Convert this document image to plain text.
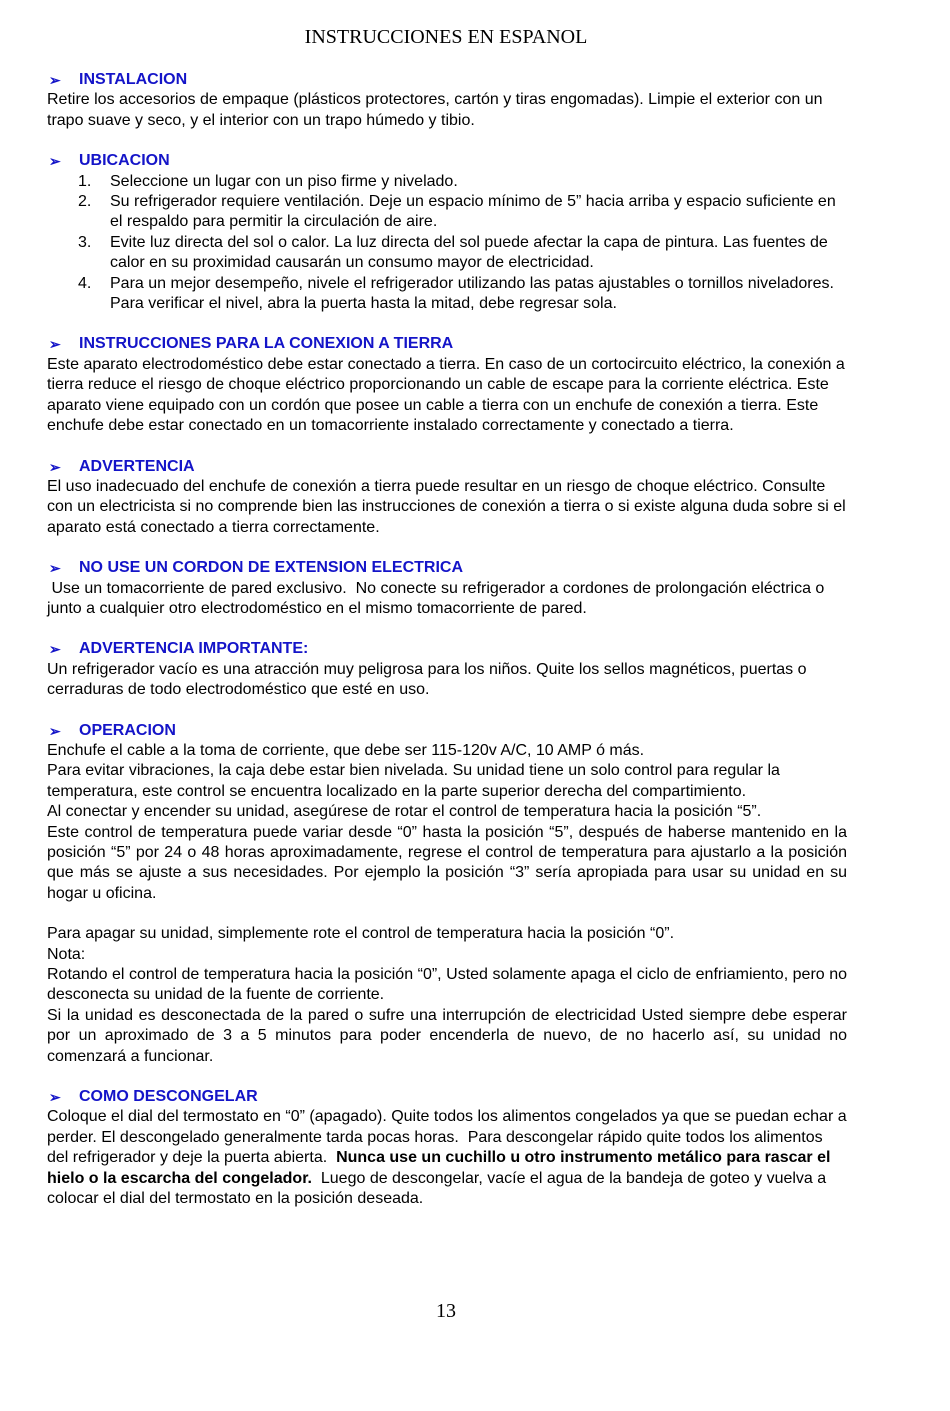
INSTRUCCIONES EN ESPANOL
➢	INSTALACION

Retire los accesorios de empaque (plásticos protectores, cartón y tiras engomadas). Limpie el exterior con un trapo suave y seco, y el interior con un trapo húmedo y tibio.

➢	UBICACION
1. Seleccione un lugar con un piso firme y nivelado.
2. Su refrigerador requiere ventilación. Deje un espacio mínimo de 5” hacia arriba y espacio suficiente en el respaldo para permitir la circulación de aire.
3. Evite luz directa del sol o calor. La luz directa del sol puede afectar la capa de pintura. Las fuentes de calor en su proximidad causarán un consumo mayor de electricidad.
4. Para un mejor desempeño, nivele el refrigerador utilizando las patas ajustables o tornillos niveladores. Para verificar el nivel, abra la puerta hasta la mitad, debe regresar sola.
➢	INSTRUCCIONES PARA LA CONEXION A TIERRA

Este aparato electrodoméstico debe estar conectado a tierra. En caso de un cortocircuito eléctrico, la conexión a tierra reduce el riesgo de choque eléctrico proporcionando un cable de escape para la corriente eléctrica. Este aparato viene equipado con un cordón que posee un cable a tierra con un enchufe de conexión a tierra. Este enchufe debe estar conectado en un tomacorriente instalado correctamente y conectado a tierra.

➢	ADVERTENCIA

El uso inadecuado del enchufe de conexión a tierra puede resultar en un riesgo de choque eléctrico. Consulte con un electricista si no comprende bien las instrucciones de conexión a tierra o si existe alguna duda sobre si el aparato está conectado a tierra correctamente.

➢	NO USE UN CORDON DE EXTENSION ELECTRICA

Use un tomacorriente de pared exclusivo.  No conecte su refrigerador a cordones de prolongación eléctrica o junto a cualquier otro electrodoméstico en el mismo tomacorriente de pared.

➢	ADVERTENCIA IMPORTANTE:

Un refrigerador vacío es una atracción muy peligrosa para los niños. Quite los sellos magnéticos, puertas o cerraduras de todo electrodoméstico que esté en uso.

➢	OPERACION

Enchufe el cable a la toma de corriente, que debe ser 115-120v A/C, 10 AMP ó más.

Para evitar vibraciones, la caja debe estar bien nivelada. Su unidad tiene un solo control para regular la temperatura, este control se encuentra localizado en la parte superior derecha del compartimiento.

Al conectar y encender su unidad, asegúrese de rotar el control de temperatura hacia la posición “5”.

Este control de temperatura puede variar desde “0” hasta la posición “5”, después de haberse mantenido en la posición “5” por 24 o 48 horas aproximadamente, regrese el control de temperatura para ajustarlo a la posición que más se ajuste a sus necesidades. Por ejemplo la posición “3” sería apropiada para usar su unidad en su hogar u oficina.

Para apagar su unidad, simplemente rote el control de temperatura hacia la posición “0”.

Nota:

Rotando el control de temperatura hacia la posición “0”, Usted solamente apaga el ciclo de enfriamiento, pero no desconecta su unidad de la fuente de corriente.

Si la unidad es desconectada de la pared o sufre una interrupción de electricidad Usted siempre debe esperar por un aproximado de 3 a 5 minutos para poder encenderla de nuevo, de no hacerlo así, su unidad no comenzará a funcionar.

➢	COMO DESCONGELAR

Coloque el dial del termostato en “0” (apagado). Quite todos los alimentos congelados ya que se puedan echar a perder. El descongelado generalmente tarda pocas horas.  Para descongelar rápido quite todos los alimentos del refrigerador y deje la puerta abierta.  Nunca use un cuchillo u otro instrumento metálico para rascar el hielo o la escarcha del congelador.  Luego de descongelar, vacíe el agua de la bandeja de goteo y vuelva a colocar el dial del termostato en la posición deseada.

13
